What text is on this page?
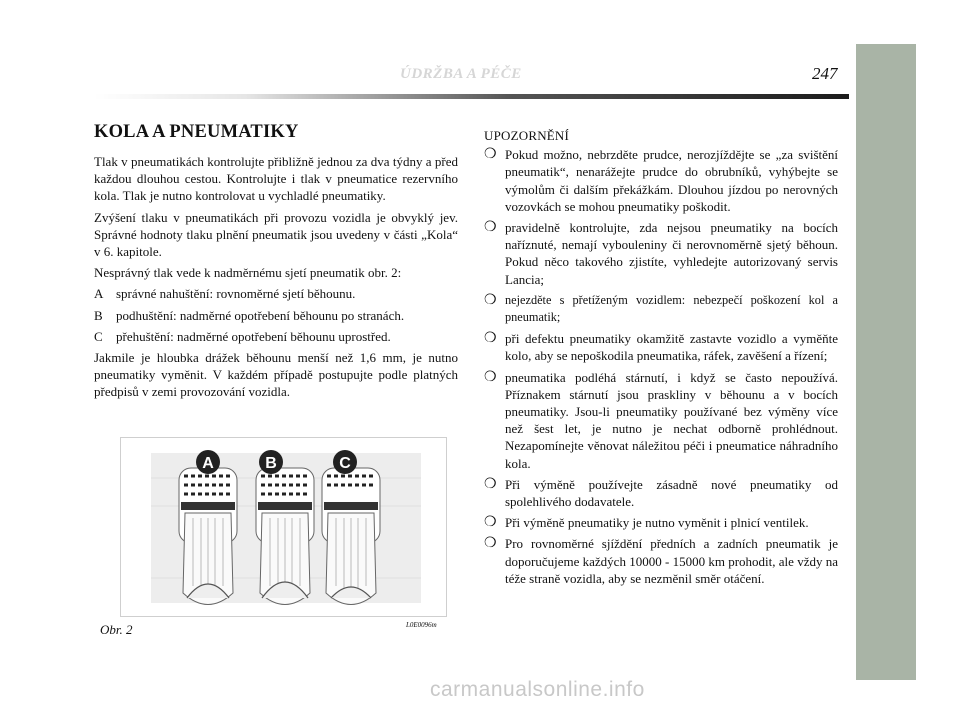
ÚDRŽBA A PÉČE	247
KOLA A PNEUMATIKY

Tlak v pneumatikách kontrolujte přibližně jednou za dva týdny a před každou dlouhou cestou. Kontrolujte i tlak v pneumatice rezervního kola. Tlak je nutno kontrolovat u vychladlé pneumatiky.

Zvýšení tlaku v pneumatikách při provozu vozidla je obvyklý jev. Správné hodnoty tlaku plnění pneumatik jsou uvedeny v části „Kola“ v 6. kapitole.

Nesprávný tlak vede k nadměrnému sjetí pneumatik obr. 2:

A správné nahuštění: rovnoměrné sjetí běhounu.
B	podhuštění: nadměrné opotřebení běhounu po stranách.
C	přehuštění: nadměrné opotřebení běhounu uprostřed.

Jakmile je hloubka drážek běhounu menší než 1,6 mm, je nutno pneumatiky vyměnit. V každém případě postupujte podle platných předpisů v zemi provozování vozidla.

A	B	C
Obr. 2	L0E0096m
UPOZORNĚNÍ
❍ Pokud možno, nebrzděte prudce, nerozjíždějte se „za svištění pneumatik“, nenarážejte prudce do obrubníků, vyhýbejte se výmolům či dalším překážkám. Dlouhou jízdou po nerovných vozovkách se mohou pneumatiky poškodit.
❍ pravidelně kontrolujte, zda nejsou pneumatiky na bocích naříznuté, nemají vybouleniny či nerovnoměrně sjetý běhoun. Pokud něco takového zjistíte, vyhledejte autorizovaný servis Lancia;
❍ nejezděte s přetíženým vozidlem: nebezpečí poškození kol a pneumatik;
❍ při defektu pneumatiky okamžitě zastavte vozidlo a vyměňte kolo, aby se nepoškodila pneumatika, ráfek, zavěšení a řízení;
❍ pneumatika podléhá stárnutí, i když se často nepoužívá. Příznakem stárnutí jsou praskliny v běhounu a v bocích pneumatiky. Jsou-li pneumatiky používané bez výměny více než šest let, je nutno je nechat odborně prohlédnout. Nezapomínejte věnovat náležitou péči i pneumatice náhradního kola.
❍ Při výměně používejte zásadně nové pneumatiky od spolehlivého dodavatele.
❍ Při výměně pneumatiky je nutno vyměnit i plnicí ventilek.
❍ Pro rovnoměrné sjíždění předních a zadních pneumatik je doporučujeme každých 10000 - 15000 km prohodit, ale vždy na téže straně vozidla, aby se nezměnil směr otáčení.
carmanualsonline.info
